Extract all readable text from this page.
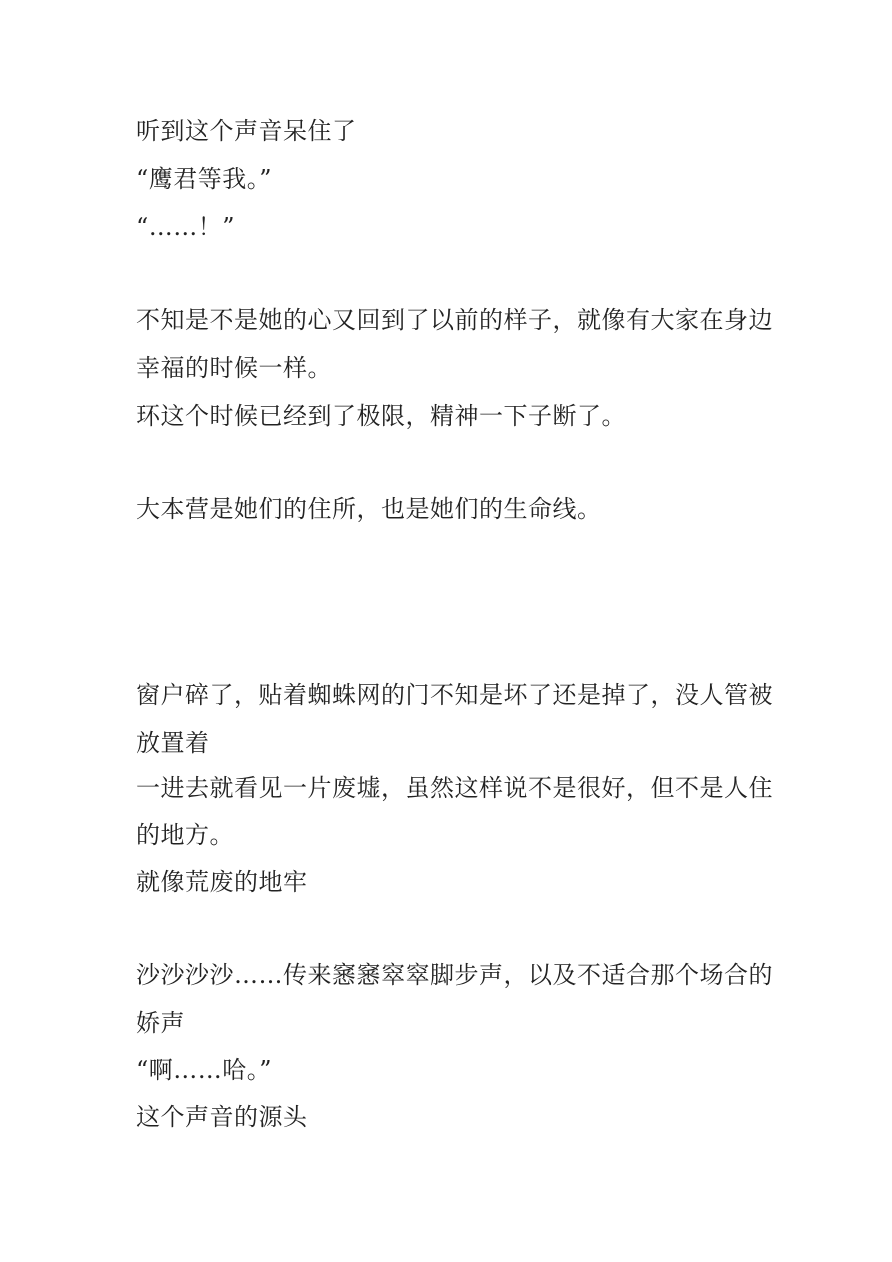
听到这个声音呆住了
“鹰君等我。”
“……！”
不知是不是她的心又回到了以前的样子，就像有大家在身边
幸福的时候一样。
环这个时候已经到了极限，精神一下子断了。
大本营是她们的住所，也是她们的生命线。
窗户碎了，贴着蜘蛛网的门不知是坏了还是掉了，没人管被
放置着
一进去就看见一片废墟，虽然这样说不是很好，但不是人住
的地方。
就像荒废的地牢
沙沙沙沙……传来窸窸窣窣脚步声，以及不适合那个场合的
娇声
“啊……哈。”
这个声音的源头
